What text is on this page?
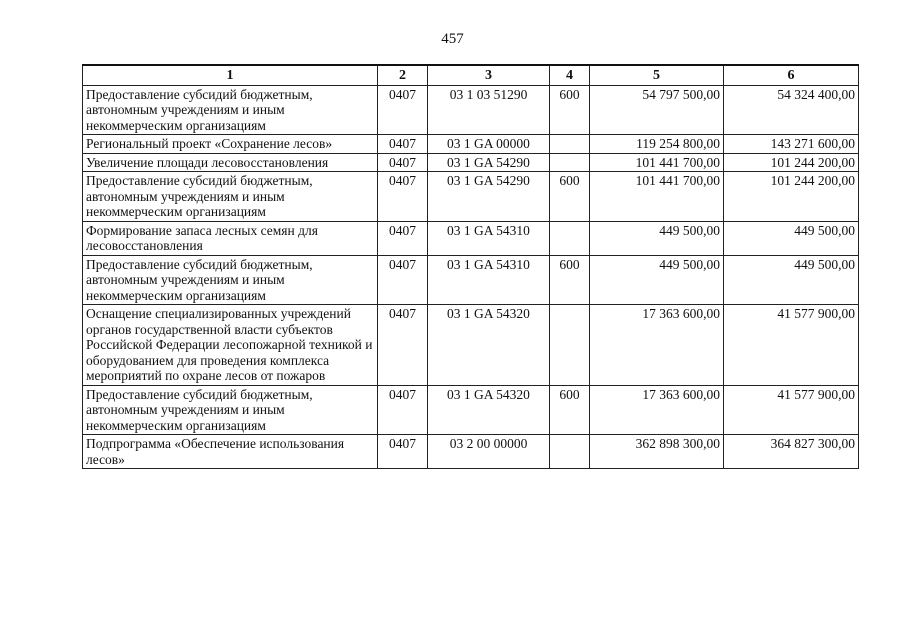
457
1	2	3	4	5	6
Предоставление субсидий бюджетным, автономным учреждениям и иным некоммерческим организациям	0407	03 1 03 51290	600	54 797 500,00	54 324 400,00
Региональный проект «Сохранение лесов»	0407	03 1 GA 00000		119 254 800,00	143 271 600,00
Увеличение площади лесовосстановления	0407	03 1 GA 54290		101 441 700,00	101 244 200,00
Предоставление субсидий бюджетным, автономным учреждениям и иным некоммерческим организациям	0407	03 1 GA 54290	600	101 441 700,00	101 244 200,00
Формирование запаса лесных семян для лесовосстановления	0407	03 1 GA 54310		449 500,00	449 500,00
Предоставление субсидий бюджетным, автономным учреждениям и иным некоммерческим организациям	0407	03 1 GA 54310	600	449 500,00	449 500,00
Оснащение специализированных учреждений органов государственной власти субъектов Российской Федерации лесопожарной техникой и оборудованием для проведения комплекса мероприятий по охране лесов от пожаров	0407	03 1 GA 54320		17 363 600,00	41 577 900,00
Предоставление субсидий бюджетным, автономным учреждениям и иным некоммерческим организациям	0407	03 1 GA 54320	600	17 363 600,00	41 577 900,00
Подпрограмма «Обеспечение использования лесов»	0407	03 2 00 00000		362 898 300,00	364 827 300,00
